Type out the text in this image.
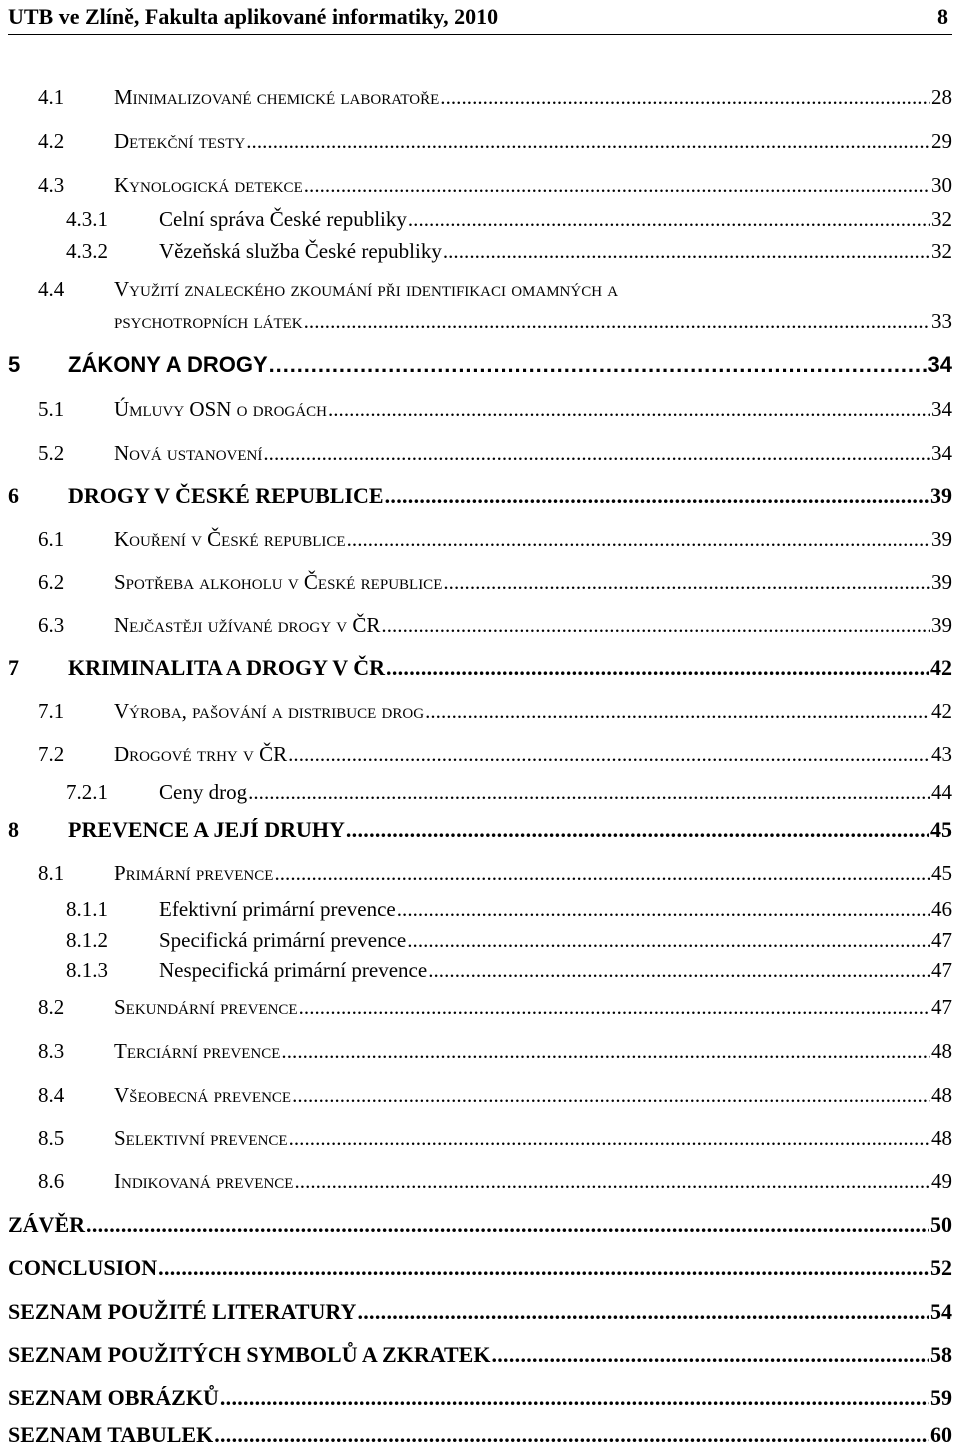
UTB ve Zlíně, Fakulta aplikované informatiky, 2010	8
4.1	Minimalizované chemické laboratoře . . .	28
4.2	Detekční testy . . .	29
4.3	Kynologická detekce . . .	30
4.3.1	Celní správa České republiky . . .	32
4.3.2	Vězeňská služba České republiky . . .	32
4.4	Využití znaleckého zkoumání při identifikaci omamných a
psychotropních látek . . .	33
5	ZÁKONY A DROGY . . .	34
5.1	Úmluvy OSN o drogách . . .	34
5.2	Nová ustanovení . . .	34
6	DROGY V ČESKÉ REPUBLICE . . .	39
6.1	Kouření v České republice . . .	39
6.2	Spotřeba alkoholu v České republice . . .	39
6.3	Nejčastěji užívané drogy v ČR . . .	39
7	KRIMINALITA A DROGY V ČR . . .	42
7.1	Výroba, pašování a distribuce drog . . .	42
7.2	Drogové trhy v ČR . . .	43
7.2.1	Ceny drog . . .	44
8	PREVENCE A JEJÍ DRUHY . . .	45
8.1	Primární prevence . . .	45
8.1.1	Efektivní primární prevence . . .	46
8.1.2	Specifická primární prevence . . .	47
8.1.3	Nespecifická primární prevence . . .	47
8.2	Sekundární prevence . . .	47
8.3	Terciární prevence . . .	48
8.4	Všeobecná prevence . . .	48
8.5	Selektivní prevence . . .	48
8.6	Indikovaná prevence . . .	49
ZÁVĚR . . .	50
CONCLUSION . . .	52
SEZNAM POUŽITÉ LITERATURY . . .	54
SEZNAM POUŽITÝCH SYMBOLŮ A ZKRATEK . . .	58
SEZNAM OBRÁZKŮ . . .	59
SEZNAM TABULEK . . .	60
